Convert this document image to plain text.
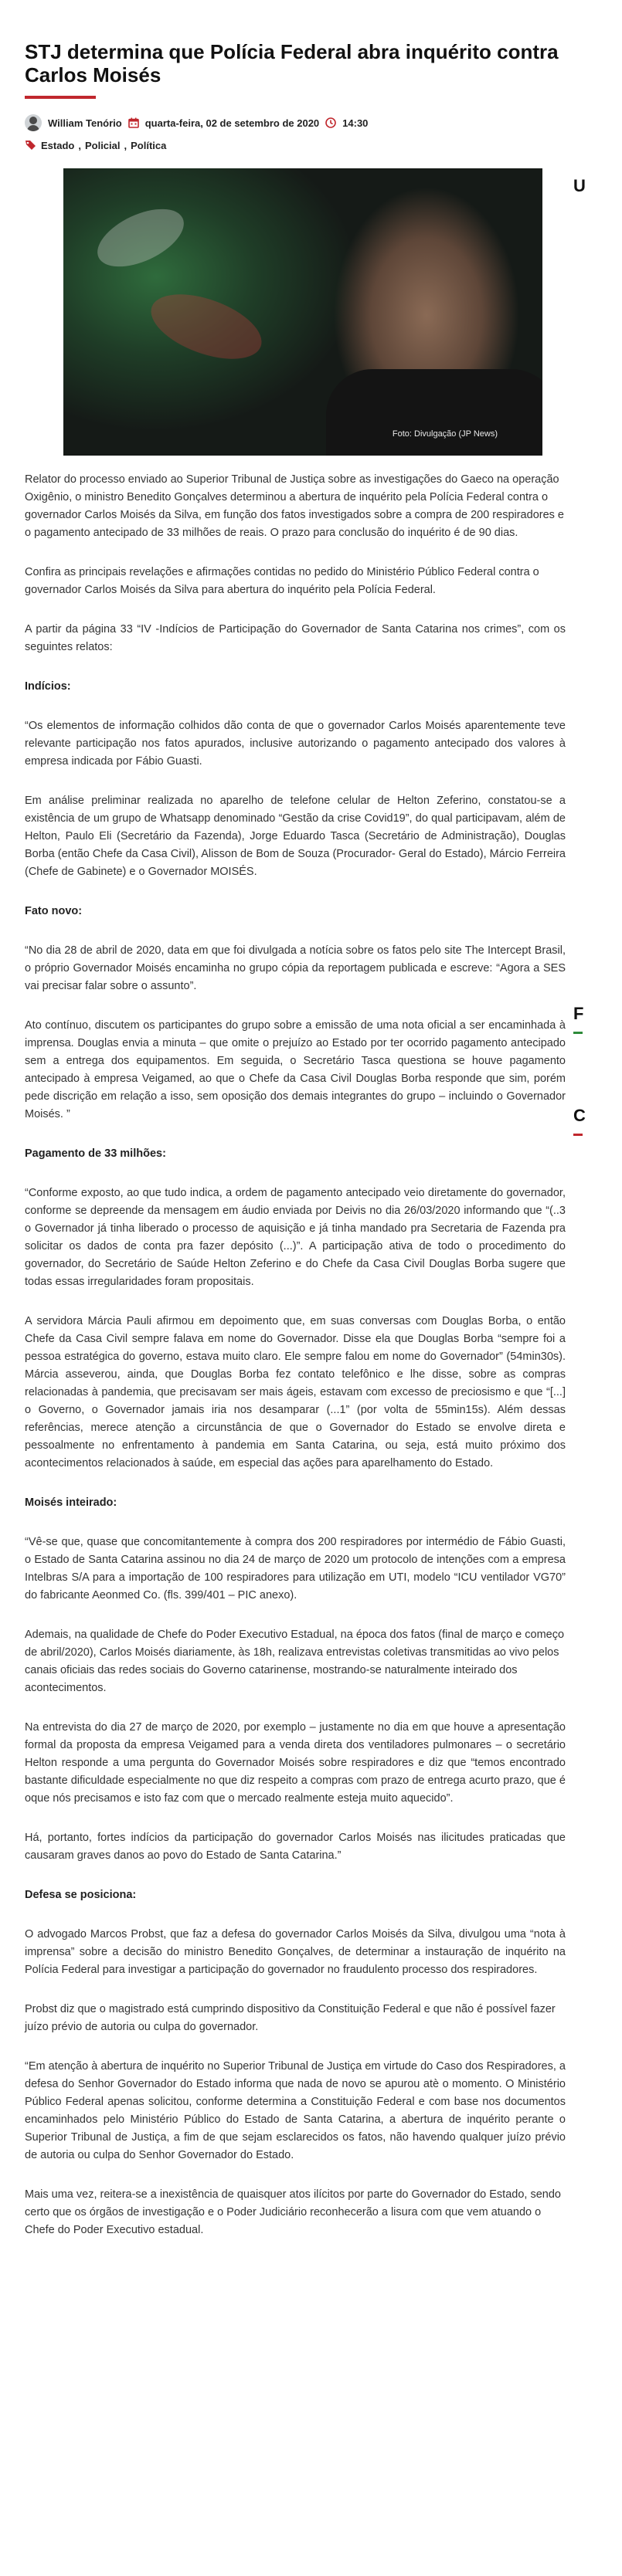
STJ determina que Polícia Federal abra inquérito contra Carlos Moisés
William Tenório quarta-feira, 02 de setembro de 2020 14:30
Estado , Policial , Política
Foto: Divulgação (JP News)

Relator do processo enviado ao Superior Tribunal de Justiça sobre as investigações do Gaeco na operação Oxigênio, o ministro Benedito Gonçalves determinou a abertura de inquérito pela Polícia Federal contra o governador Carlos Moisés da Silva, em função dos fatos investigados sobre a compra de 200 respiradores e o pagamento antecipado de 33 milhões de reais. O prazo para conclusão do inquérito é de 90 dias.

Confira as principais revelações e afirmações contidas no pedido do Ministério Público Federal contra o governador Carlos Moisés da Silva para abertura do inquérito pela Polícia Federal.

A partir da página 33 “IV -Indícios de Participação do Governador de Santa Catarina nos crimes”, com os seguintes relatos:

Indícios:

“Os elementos de informação colhidos dão conta de que o governador Carlos Moisés aparentemente teve relevante participação nos fatos apurados, inclusive autorizando o pagamento antecipado dos valores à empresa indicada por Fábio Guasti.

Em análise preliminar realizada no aparelho de telefone celular de Helton Zeferino, constatou-se a existência de um grupo de Whatsapp denominado “Gestão da crise Covid19”, do qual participavam, além de Helton, Paulo Eli (Secretário da Fazenda), Jorge Eduardo Tasca (Secretário de Administração), Douglas Borba (então Chefe da Casa Civil), Alisson de Bom de Souza (Procurador- Geral do Estado), Márcio Ferreira (Chefe de Gabinete) e o Governador MOISÉS.

Fato novo:

“No dia 28 de abril de 2020, data em que foi divulgada a notícia sobre os fatos pelo site The Intercept Brasil, o próprio Governador Moisés encaminha no grupo cópia da reportagem publicada e escreve: “Agora a SES vai precisar falar sobre o assunto”.

Ato contínuo, discutem os participantes do grupo sobre a emissão de uma nota oficial a ser encaminhada à imprensa. Douglas envia a minuta – que omite o prejuízo ao Estado por ter ocorrido pagamento antecipado sem a entrega dos equipamentos. Em seguida, o Secretário Tasca questiona se houve pagamento antecipado à empresa Veigamed, ao que o Chefe da Casa Civil Douglas Borba responde que sim, porém pede discrição em relação a isso, sem oposição dos demais integrantes do grupo – incluindo o Governador Moisés. ”

Pagamento de 33 milhões:

“Conforme exposto, ao que tudo indica, a ordem de pagamento antecipado veio diretamente do governador, conforme se depreende da mensagem em áudio enviada por Deivis no dia 26/03/2020 informando que “(..3 o Governador já tinha liberado o processo de aquisição e já tinha mandado pra Secretaria de Fazenda pra solicitar os dados de conta pra fazer depósito (...)”. A participação ativa de todo o procedimento do governador, do Secretário de Saúde Helton Zeferino e do Chefe da Casa Civil Douglas Borba sugere que todas essas irregularidades foram propositais.

A servidora Márcia Pauli afirmou em depoimento que, em suas conversas com Douglas Borba, o então Chefe da Casa Civil sempre falava em nome do Governador. Disse ela que Douglas Borba “sempre foi a pessoa estratégica do governo, estava muito claro. Ele sempre falou em nome do Governador” (54min30s). Márcia asseverou, ainda, que Douglas Borba fez contato telefônico e lhe disse, sobre as compras relacionadas à pandemia, que precisavam ser mais ágeis, estavam com excesso de preciosismo e que “[...] o Governo, o Governador jamais iria nos desamparar (...1” (por volta de 55min15s). Além dessas referências, merece atenção a circunstância de que o Governador do Estado se envolve direta e pessoalmente no enfrentamento à pandemia em Santa Catarina, ou seja, está muito próximo dos acontecimentos relacionados à saúde, em especial das ações para aparelhamento do Estado.

Moisés inteirado:

“Vê-se que, quase que concomitantemente à compra dos 200 respiradores por intermédio de Fábio Guasti, o Estado de Santa Catarina assinou no dia 24 de março de 2020 um protocolo de intenções com a empresa Intelbras S/A para a importação de 100 respiradores para utilização em UTI, modelo “ICU ventilador VG70” do fabricante Aeonmed Co. (fls. 399/401 – PIC anexo).

Ademais, na qualidade de Chefe do Poder Executivo Estadual, na época dos fatos (final de março e começo de abril/2020), Carlos Moisés diariamente, às 18h, realizava entrevistas coletivas transmitidas ao vivo pelos canais oficiais das redes sociais do Governo catarinense, mostrando-se naturalmente inteirado dos acontecimentos.

Na entrevista do dia 27 de março de 2020, por exemplo – justamente no dia em que houve a apresentação formal da proposta da empresa Veigamed para a venda direta dos ventiladores pulmonares – o secretário Helton responde a uma pergunta do Governador Moisés sobre respiradores e diz que “temos encontrado bastante dificuldade especialmente no que diz respeito a compras com prazo de entrega acurto prazo, que é oque nós precisamos e isto faz com que o mercado realmente esteja muito aquecido”.

Há, portanto, fortes indícios da participação do governador Carlos Moisés nas ilicitudes praticadas que causaram graves danos ao povo do Estado de Santa Catarina.”

Defesa se posiciona:

O advogado Marcos Probst, que faz a defesa do governador Carlos Moisés da Silva, divulgou uma “nota à imprensa” sobre a decisão do ministro Benedito Gonçalves, de determinar a instauração de inquérito na Polícia Federal para investigar a participação do governador no fraudulento processo dos respiradores.

Probst diz que o magistrado está cumprindo dispositivo da Constituição Federal e que não é possível fazer juízo prévio de autoria ou culpa do governador.

“Em atenção à abertura de inquérito no Superior Tribunal de Justiça em virtude do Caso dos Respiradores, a defesa do Senhor Governador do Estado informa que nada de novo se apurou atè o momento. O Ministério Público Federal apenas solicitou, conforme determina a Constituição Federal e com base nos documentos encaminhados pelo Ministério Público do Estado de Santa Catarina, a abertura de inquérito perante o Superior Tribunal de Justiça, a fim de que sejam esclarecidos os fatos, não havendo qualquer juízo prévio de autoria ou culpa do Senhor Governador do Estado.

Mais uma vez, reitera-se a inexistência de quaisquer atos ilícitos por parte do Governador do Estado, sendo certo que os órgãos de investigação e o Poder Judiciário reconhecerão a lisura com que vem atuando o Chefe do Poder Executivo estadual.

U
F
C
